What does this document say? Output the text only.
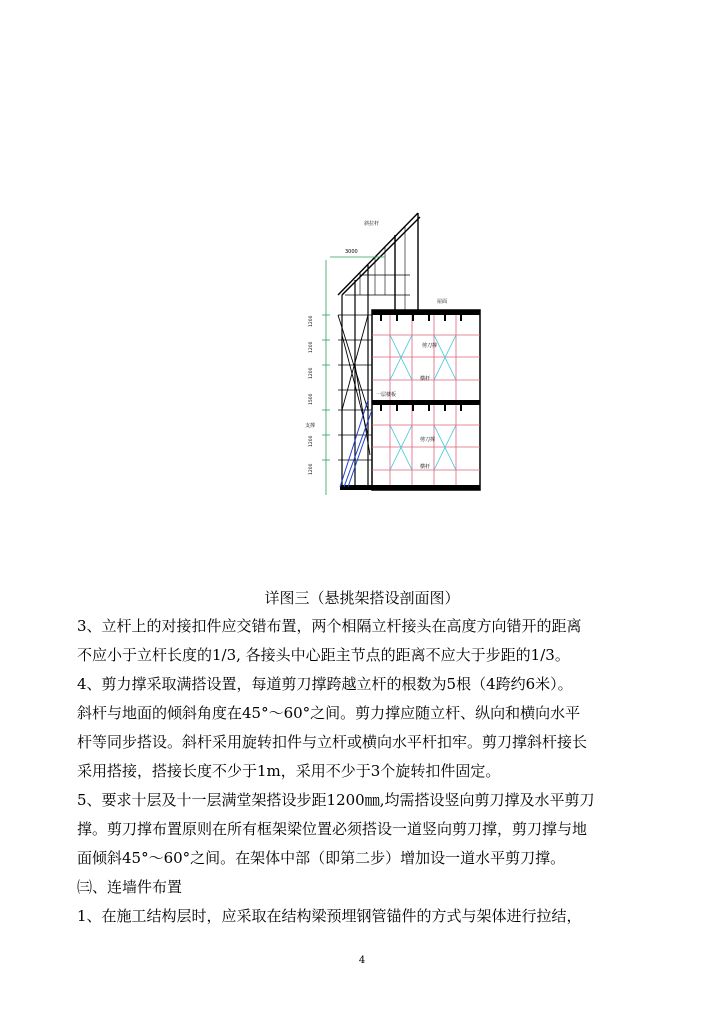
斜拉杆
3000
屋面
剪刀撑
横杆
剪刀撑
横杆
支撑
一层楼板
1200
1200
1200
1500
1200
1200
详图三（悬挑架搭设剖面图）
3、立杆上的对接扣件应交错布置，两个相隔立杆接头在高度方向错开的距离
不应小于立杆长度的1/3, 各接头中心距主节点的距离不应大于步距的1/3。
4、剪力撑采取满搭设置，每道剪刀撑跨越立杆的根数为5根（4跨约6米）。
斜杆与地面的倾斜角度在45°～60°之间。剪力撑应随立杆、纵向和横向水平
杆等同步搭设。斜杆采用旋转扣件与立杆或横向水平杆扣牢。剪刀撑斜杆接长
采用搭接，搭接长度不少于1m，采用不少于3个旋转扣件固定。
5、要求十层及十一层满堂架搭设步距1200㎜,均需搭设竖向剪刀撑及水平剪刀
撑。剪刀撑布置原则在所有框架梁位置必须搭设一道竖向剪刀撑，剪刀撑与地
面倾斜45°～60°之间。在架体中部（即第二步）增加设一道水平剪刀撑。
㈢、连墙件布置
1、在施工结构层时，应采取在结构梁预埋钢管锚件的方式与架体进行拉结，
4
